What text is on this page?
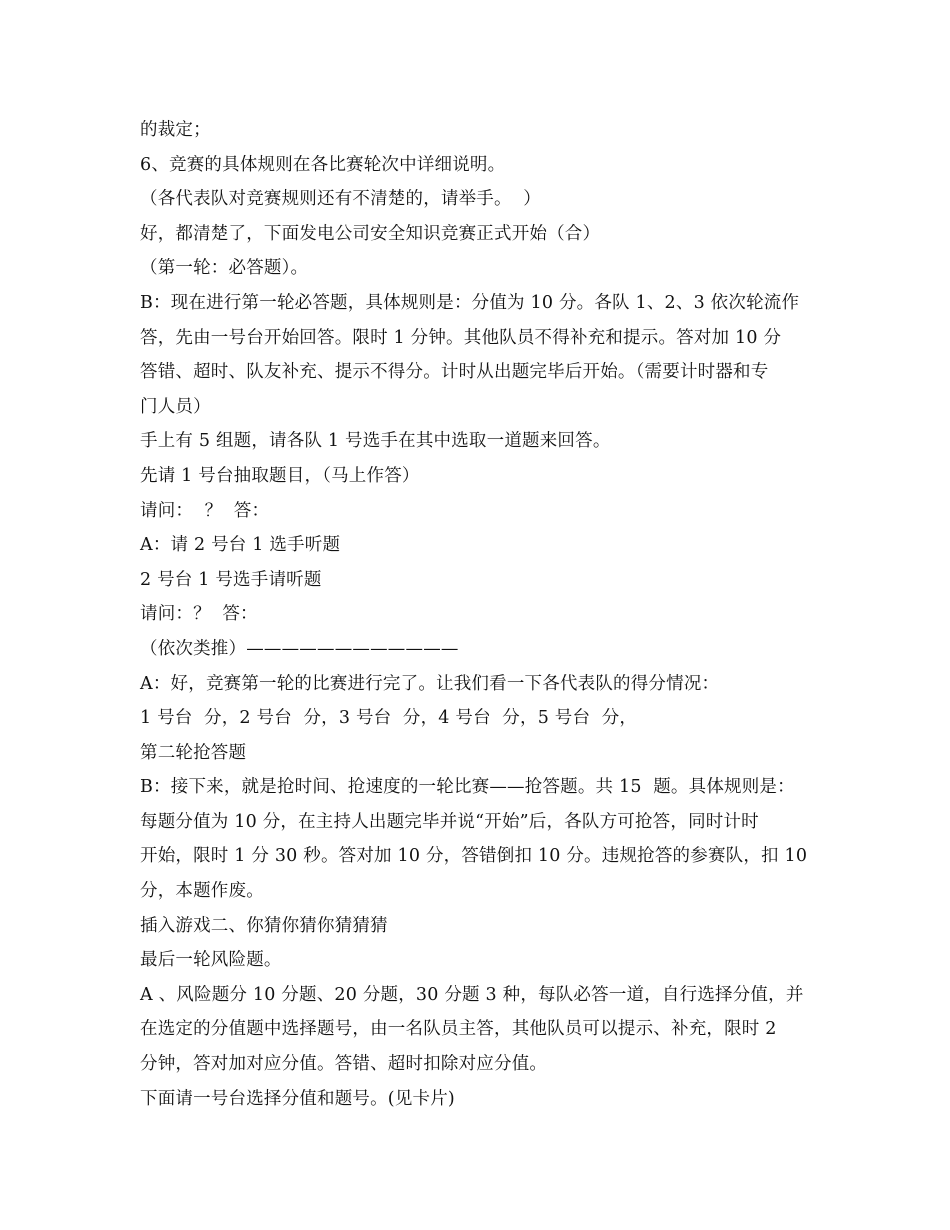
的裁定；
6、竞赛的具体规则在各比赛轮次中详细说明。
（各代表队对竞赛规则还有不清楚的，请举手。  ）
好，都清楚了，下面发电公司安全知识竞赛正式开始（合）
（第一轮：必答题）。
B：现在进行第一轮必答题，具体规则是：分值为 10 分。各队 1、2、3 依次轮流作
答，先由一号台开始回答。限时 1 分钟。其他队员不得补充和提示。答对加 10 分
答错、超时、队友补充、提示不得分。计时从出题完毕后开始。（需要计时器和专
门人员）
手上有 5 组题，请各队 1 号选手在其中选取一道题来回答。
先请 1 号台抽取题目，（马上作答）
请问：  ？  答：
A：请 2 号台 1 选手听题
2 号台 1 号选手请听题
请问：？  答：
（依次类推）————————————
A：好，竞赛第一轮的比赛进行完了。让我们看一下各代表队的得分情况：
1 号台  分，2 号台  分，3 号台  分，4 号台  分，5 号台  分，
第二轮抢答题
B：接下来，就是抢时间、抢速度的一轮比赛——抢答题。共 15  题。具体规则是：
每题分值为 10 分，在主持人出题完毕并说“开始”后，各队方可抢答，同时计时
开始，限时 1 分 30 秒。答对加 10 分，答错倒扣 10 分。违规抢答的参赛队，扣 10
分，本题作废。
插入游戏二、你猜你猜你猜猜猜
最后一轮风险题。
A 、风险题分 10 分题、20 分题，30 分题 3 种，每队必答一道，自行选择分值，并
在选定的分值题中选择题号，由一名队员主答，其他队员可以提示、补充，限时 2
分钟，答对加对应分值。答错、超时扣除对应分值。
下面请一号台选择分值和题号。(见卡片)
